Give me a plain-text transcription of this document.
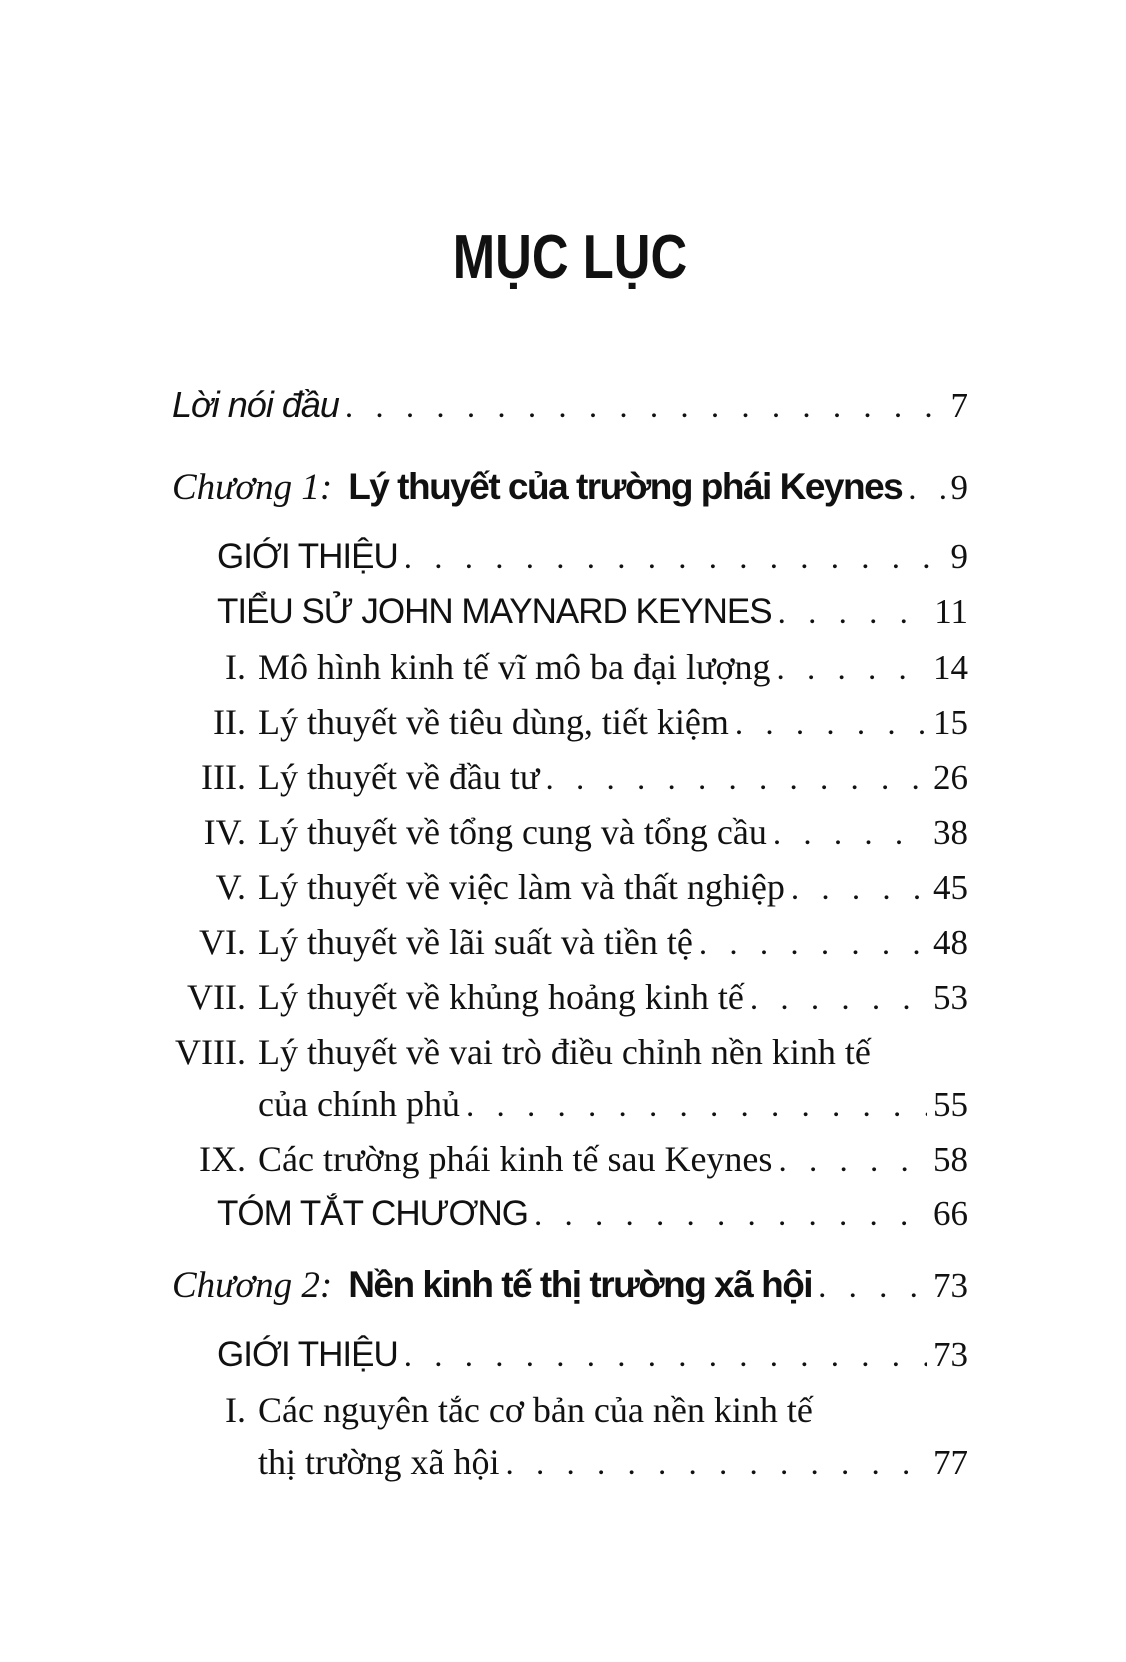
MỤC LỤC
Lời nói đầu . . .	7
Chương 1: Lý thuyết của trường phái Keynes . . . 9
GIỚI THIỆU . . .	9
TIỂU SỬ JOHN MAYNARD KEYNES . . .	11
I. Mô hình kinh tế vĩ mô ba đại lượng . . .	14
II. Lý thuyết về tiêu dùng, tiết kiệm . . .	15
III. Lý thuyết về đầu tư . . .	26
IV. Lý thuyết về tổng cung và tổng cầu . . .	38
V. Lý thuyết về việc làm và thất nghiệp . . .	45
VI. Lý thuyết về lãi suất và tiền tệ . . .	48
VII. Lý thuyết về khủng hoảng kinh tế . . .	53
VIII. Lý thuyết về vai trò điều chỉnh nền kinh tế
của chính phủ . . .	55
IX. Các trường phái kinh tế sau Keynes . . .	58
TÓM TẮT CHƯƠNG . . .	66
Chương 2: Nền kinh tế thị trường xã hội . . .	73
GIỚI THIỆU . . .	73
I. Các nguyên tắc cơ bản của nền kinh tế
thị trường xã hội . . .	77
